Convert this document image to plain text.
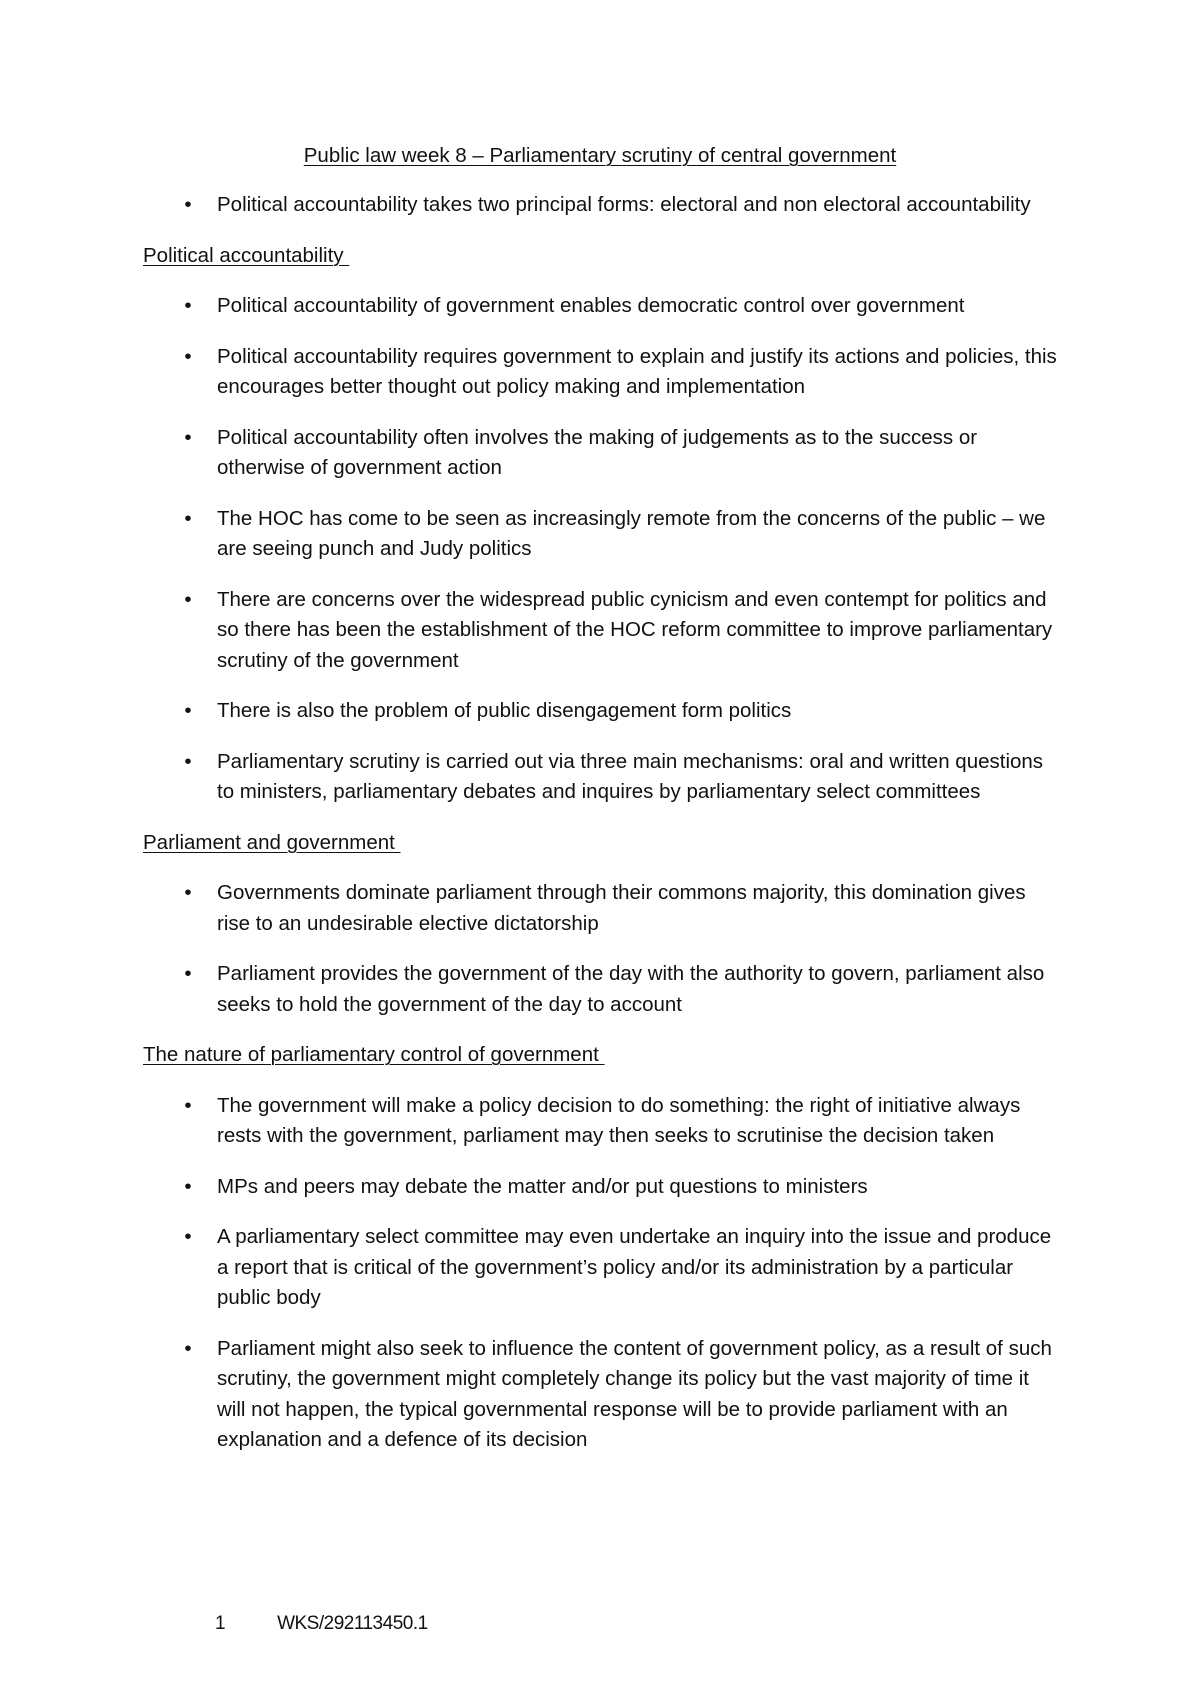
Public law week 8 – Parliamentary scrutiny of central government
• Political accountability takes two principal forms: electoral and non electoral accountability
Political accountability
• Political accountability of government enables democratic control over government
• Political accountability requires government to explain and justify its actions and policies, this encourages better thought out policy making and implementation
• Political accountability often involves the making of judgements as to the success or otherwise of government action
• The HOC has come to be seen as increasingly remote from the concerns of the public – we are seeing punch and Judy politics
• There are concerns over the widespread public cynicism and even contempt for politics and so there has been the establishment of the HOC reform committee to improve parliamentary scrutiny of the government
• There is also the problem of public disengagement form politics
• Parliamentary scrutiny is carried out via three main mechanisms: oral and written questions to ministers, parliamentary debates and inquires by parliamentary select committees
Parliament and government
• Governments dominate parliament through their commons majority, this domination gives rise to an undesirable elective dictatorship
• Parliament provides the government of the day with the authority to govern, parliament also seeks to hold the government of the day to account
The nature of parliamentary control of government
• The government will make a policy decision to do something: the right of initiative always rests with the government, parliament may then seeks to scrutinise the decision taken
• MPs and peers may debate the matter and/or put questions to ministers
• A parliamentary select committee may even undertake an inquiry into the issue and produce a report that is critical of the government’s policy and/or its administration by a particular public body
• Parliament might also seek to influence the content of government policy, as a result of such scrutiny, the government might completely change its policy but the vast majority of time it will not happen, the typical governmental response will be to provide parliament with an explanation and a defence of its decision
1	WKS/292113450.1
